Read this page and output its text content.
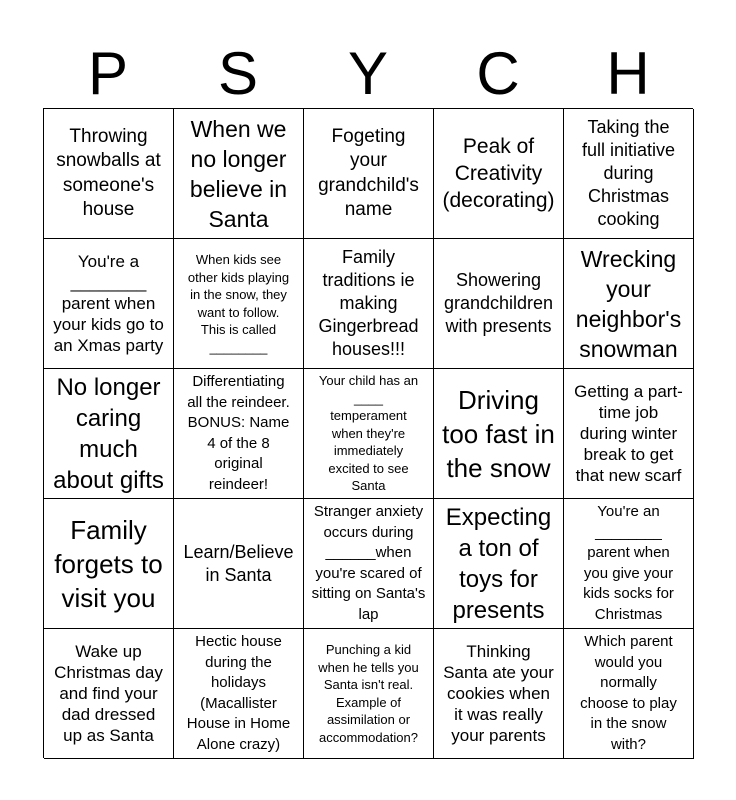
P	S	Y	C	H
Throwing
snowballs at
someone's
house
When we
no longer
believe in
Santa
Fogeting
your
grandchild's
name
Peak of
Creativity
(decorating)
Taking the
full initiative
during
Christmas
cooking
You're a
________
parent when
your kids go to
an Xmas party
When kids see
other kids playing
in the snow, they
want to follow.
This is called
________
Family
traditions ie
making
Gingerbread
houses!!!
Showering
grandchildren
with presents
Wrecking
your
neighbor's
snowman
No longer
caring
much
about gifts
Differentiating
all the reindeer.
BONUS: Name
4 of the 8
original
reindeer!
Your child has an
____
temperament
when they're
immediately
excited to see
Santa
Driving
too fast in
the snow
Getting a part-
time job
during winter
break to get
that new scarf
Family
forgets to
visit you
Learn/Believe
in Santa
Stranger anxiety
occurs during
______when
you're scared of
sitting on Santa's
lap
Expecting
a ton of
toys for
presents
You're an
________
parent when
you give your
kids socks for
Christmas
Wake up
Christmas day
and find your
dad dressed
up as Santa
Hectic house
during the
holidays
(Macallister
House in Home
Alone crazy)
Punching a kid
when he tells you
Santa isn't real.
Example of
assimilation or
accommodation?
Thinking
Santa ate your
cookies when
it was really
your parents
Which parent
would you
normally
choose to play
in the snow
with?
